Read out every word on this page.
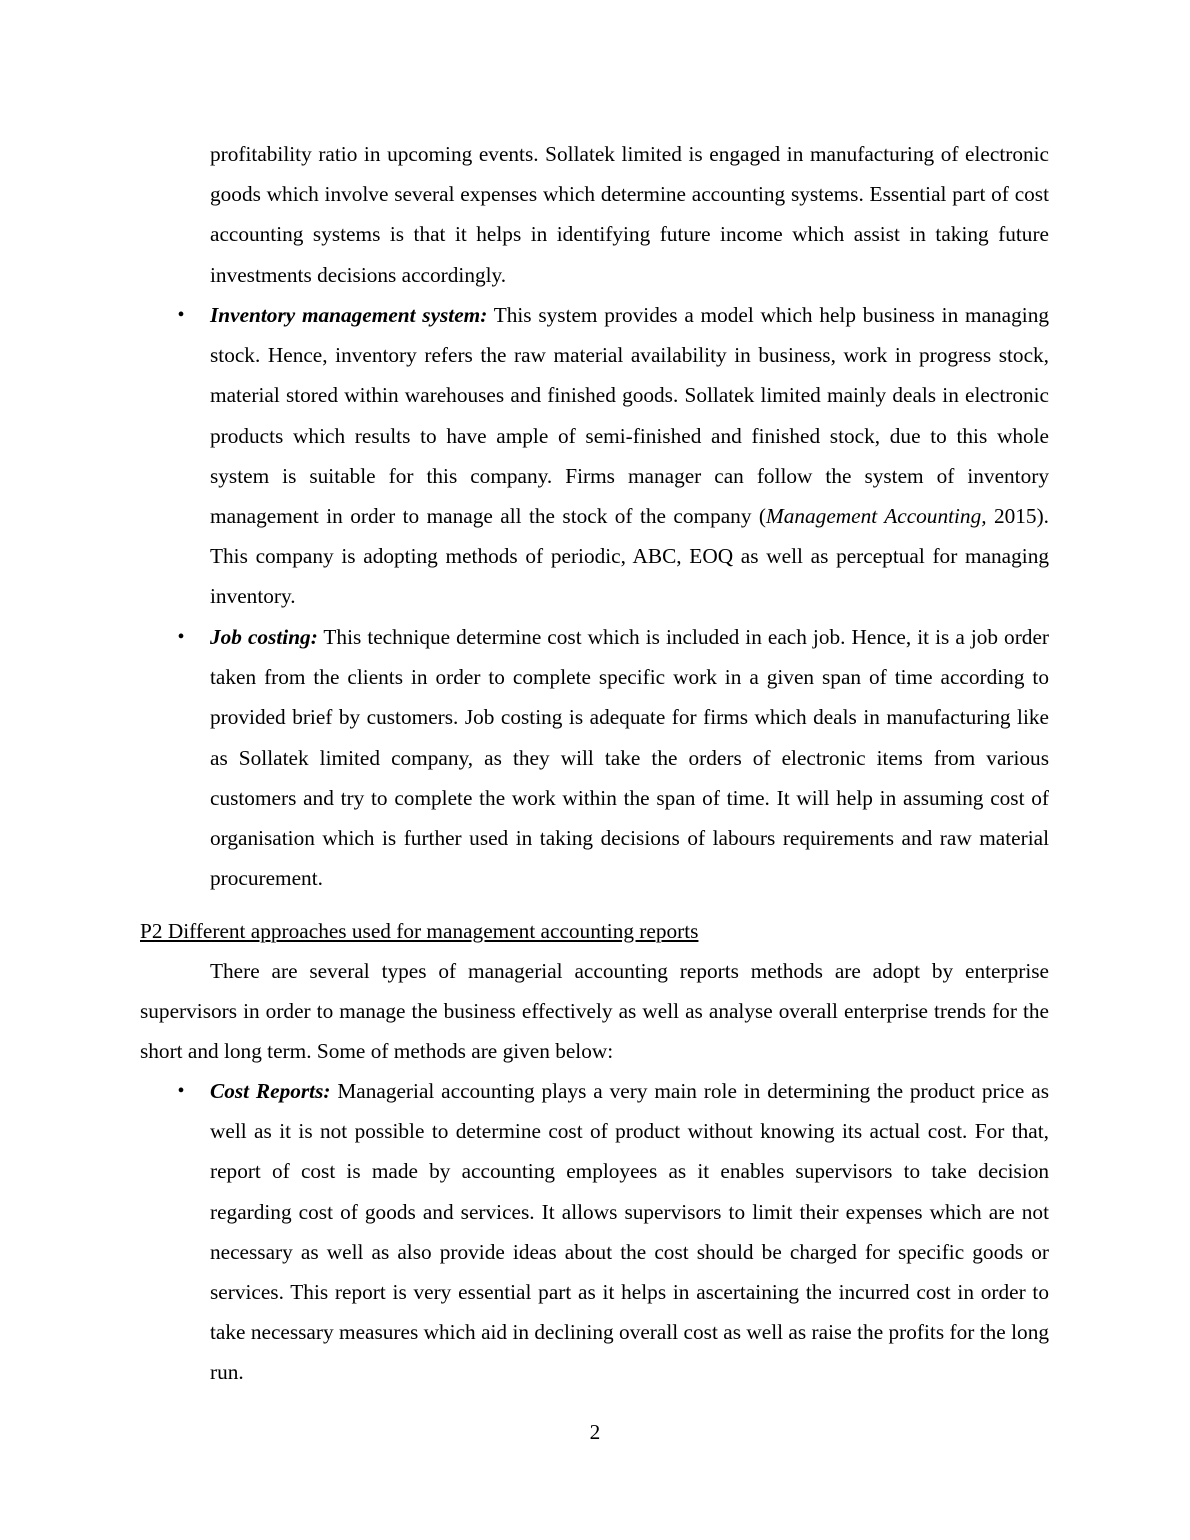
profitability ratio in upcoming events. Sollatek limited is engaged in manufacturing of electronic goods which involve several expenses which determine accounting systems. Essential part of cost accounting systems is that it helps in identifying future income which assist in taking future investments decisions accordingly.

• Inventory management system: This system provides a model which help business in managing stock. Hence, inventory refers the raw material availability in business, work in progress stock, material stored within warehouses and finished goods. Sollatek limited mainly deals in electronic products which results to have ample of semi-finished and finished stock, due to this whole system is suitable for this company. Firms manager can follow the system of inventory management in order to manage all the stock of the company (Management Accounting, 2015). This company is adopting methods of periodic, ABC, EOQ as well as perceptual for managing inventory.

• Job costing: This technique determine cost which is included in each job. Hence, it is a job order taken from the clients in order to complete specific work in a given span of time according to provided brief by customers. Job costing is adequate for firms which deals in manufacturing like as Sollatek limited company, as they will take the orders of electronic items from various customers and try to complete the work within the span of time. It will help in assuming cost of organisation which is further used in taking decisions of labours requirements and raw material procurement.

P2 Different approaches used for management accounting reports

There are several types of managerial accounting reports methods are adopt by enterprise supervisors in order to manage the business effectively as well as analyse overall enterprise trends for the short and long term. Some of methods are given below:

• Cost Reports: Managerial accounting plays a very main role in determining the product price as well as it is not possible to determine cost of product without knowing its actual cost. For that, report of cost is made by accounting employees as it enables supervisors to take decision regarding cost of goods and services. It allows supervisors to limit their expenses which are not necessary as well as also provide ideas about the cost should be charged for specific goods or services. This report is very essential part as it helps in ascertaining the incurred cost in order to take necessary measures which aid in declining overall cost as well as raise the profits for the long run.

2
